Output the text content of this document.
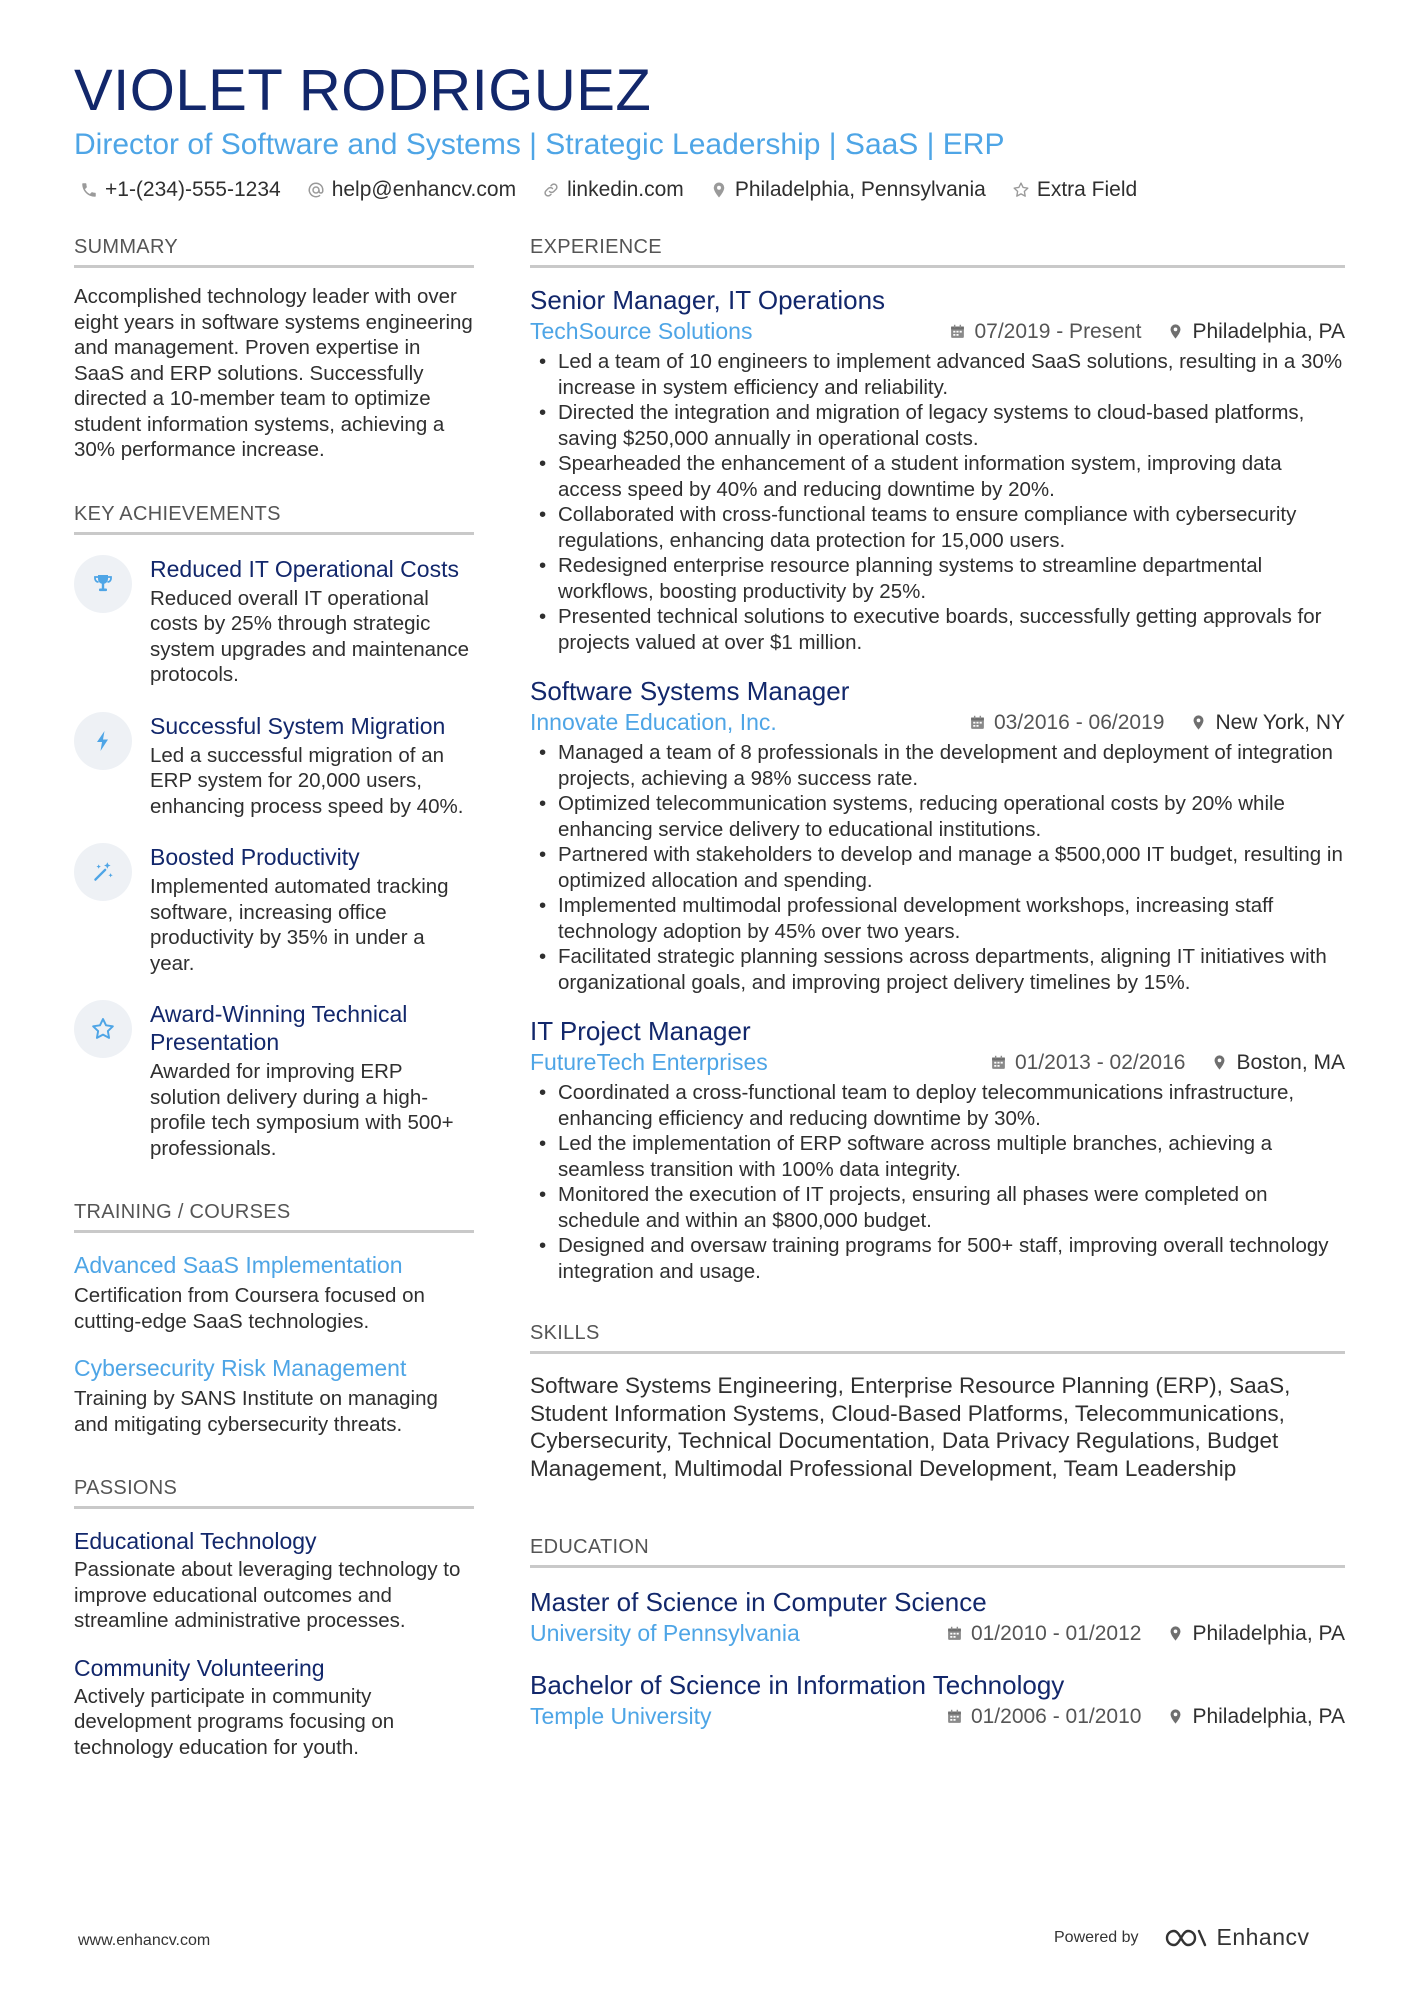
VIOLET RODRIGUEZ
Director of Software and Systems | Strategic Leadership | SaaS | ERP
+1-(234)-555-1234 help@enhancv.com linkedin.com Philadelphia, Pennsylvania Extra Field
SUMMARY
Accomplished technology leader with over eight years in software systems engineering and management. Proven expertise in SaaS and ERP solutions. Successfully directed a 10-member team to optimize student information systems, achieving a 30% performance increase.
KEY ACHIEVEMENTS
Reduced IT Operational Costs
Reduced overall IT operational costs by 25% through strategic system upgrades and maintenance protocols.
Successful System Migration
Led a successful migration of an ERP system for 20,000 users, enhancing process speed by 40%.
Boosted Productivity
Implemented automated tracking software, increasing office productivity by 35% in under a year.
Award-Winning Technical Presentation
Awarded for improving ERP solution delivery during a high-profile tech symposium with 500+ professionals.
TRAINING / COURSES
Advanced SaaS Implementation
Certification from Coursera focused on cutting-edge SaaS technologies.
Cybersecurity Risk Management
Training by SANS Institute on managing and mitigating cybersecurity threats.
PASSIONS
Educational Technology
Passionate about leveraging technology to improve educational outcomes and streamline administrative processes.
Community Volunteering
Actively participate in community development programs focusing on technology education for youth.
EXPERIENCE
Senior Manager, IT Operations
TechSource Solutions	07/2019 - Present Philadelphia, PA
• Led a team of 10 engineers to implement advanced SaaS solutions, resulting in a 30% increase in system efficiency and reliability.
• Directed the integration and migration of legacy systems to cloud-based platforms, saving $250,000 annually in operational costs.
• Spearheaded the enhancement of a student information system, improving data access speed by 40% and reducing downtime by 20%.
• Collaborated with cross-functional teams to ensure compliance with cybersecurity regulations, enhancing data protection for 15,000 users.
• Redesigned enterprise resource planning systems to streamline departmental workflows, boosting productivity by 25%.
• Presented technical solutions to executive boards, successfully getting approvals for projects valued at over $1 million.
Software Systems Manager
Innovate Education, Inc.	03/2016 - 06/2019 New York, NY
• Managed a team of 8 professionals in the development and deployment of integration projects, achieving a 98% success rate.
• Optimized telecommunication systems, reducing operational costs by 20% while enhancing service delivery to educational institutions.
• Partnered with stakeholders to develop and manage a $500,000 IT budget, resulting in optimized allocation and spending.
• Implemented multimodal professional development workshops, increasing staff technology adoption by 45% over two years.
• Facilitated strategic planning sessions across departments, aligning IT initiatives with organizational goals, and improving project delivery timelines by 15%.
IT Project Manager
FutureTech Enterprises	01/2013 - 02/2016 Boston, MA
• Coordinated a cross-functional team to deploy telecommunications infrastructure, enhancing efficiency and reducing downtime by 30%.
• Led the implementation of ERP software across multiple branches, achieving a seamless transition with 100% data integrity.
• Monitored the execution of IT projects, ensuring all phases were completed on schedule and within an $800,000 budget.
• Designed and oversaw training programs for 500+ staff, improving overall technology integration and usage.
SKILLS
Software Systems Engineering, Enterprise Resource Planning (ERP), SaaS, Student Information Systems, Cloud-Based Platforms, Telecommunications, Cybersecurity, Technical Documentation, Data Privacy Regulations, Budget Management, Multimodal Professional Development, Team Leadership
EDUCATION
Master of Science in Computer Science
University of Pennsylvania	01/2010 - 01/2012 Philadelphia, PA
Bachelor of Science in Information Technology
Temple University	01/2006 - 01/2010 Philadelphia, PA
www.enhancv.com	Powered by	Enhancv
